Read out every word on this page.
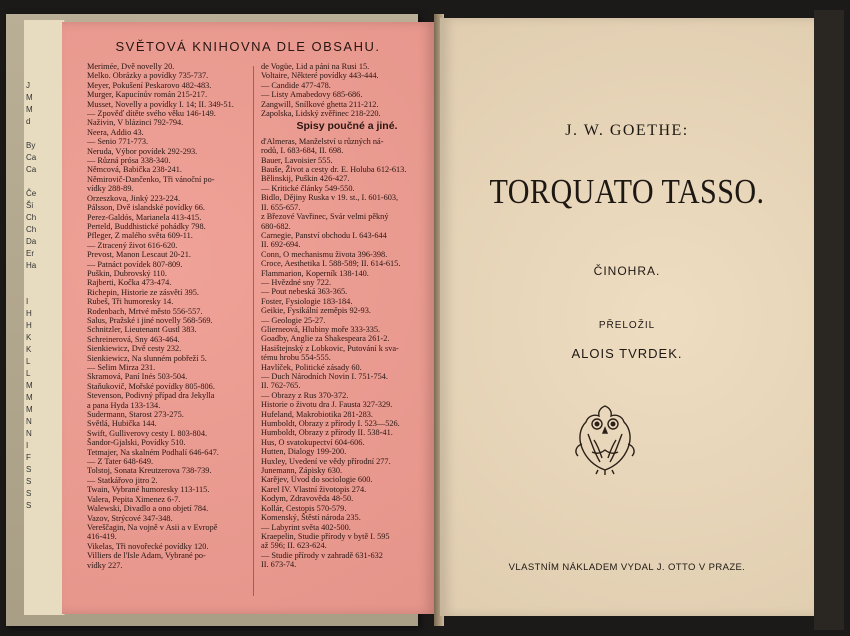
J
M
M
d

By
Ca
Ca

Če
Ši
Ch
Ch
Da
Er
Ha

I
H
H
K
K
L
L
M
M
M
N
N
I
F
S
S
S
S
SVĚTOVÁ KNIHOVNA DLE OBSAHU.
Merimée, Dvě novelly 20.
Melko. Obrázky a povídky 735-737.
Meyer, Pokušení Peskarovo 482-483.
Murger, Kapucínův román 215-217.
Musset, Novelly a povídky I. 14; II. 349-51.
— Zpověď dítěte svého věku 146-149.
Naživin, V blázinci 792-794.
Neera, Addio 43.
— Senio 771-773.
Neruda, Výbor povídek 292-293.
— Různá prósa 338-340.
Němcová, Babička 238-241.
Němirovič-Dančenko, Tři vánoční po-
vídky 288-89.
Orzeszkova, Jinký 223-224.
Pálsson, Dvě islandské povídky 66.
Perez-Galdós, Marianela 413-415.
Perteld, Buddhistické pohádky 798.
Pfleger, Z malého světa 609-11.
— Ztracený život 616-620.
Prevost, Manon Lescaut 20-21.
— Patnáct povídek 807-809.
Puškin, Dubrovský 110.
Rajberti, Kočka 473-474.
Richepin, Historie ze zásvětí 395.
Rubeš, Tři humoresky 14.
Rodenbach, Mrtvé město 556-557.
Salus, Pražské i jiné novelly 568-569.
Schnitzler, Lieutenant Gustl 383.
Schreinerová, Sny 463-464.
Sienkiewicz, Dvě cesty 232.
Sienkiewicz, Na slunném pobřeží 5.
— Selim Mirza 231.
Skramová, Paní Inés 503-504.
Staňukovič, Mořské povídky 805-806.
Stevenson, Podivný případ dra Jekylla
a pana Hyda 133-134.
Sudermann, Starost 273-275.
Světlá, Hubička 144.
Swift, Gulliverovy cesty I. 803-804.
Šandor-Gjalski, Povídky 510.
Tetmajer, Na skalném Podhalí 646-647.
— Z Tater 648-649.
Tolstoj, Sonata Kreutzerova 738-739.
— Statkářovo jitro 2.
Twain, Vybrané humoresky 113-115.
Valera, Pepita Ximenez 6-7.
Walewski, Divadlo a ono objetí 784.
Vazov, Strýcové 347-348.
Vereščagin, Na vojně v Asii a v Evropě
416-419.
Vikelas, Tři novořecké povídky 120.
Villiers de l'Isle Adam, Vybrané po-
vídky 227.
de Vogüe, Lid a páni na Rusi 15.
Voltaire, Některé povídky 443-444.
— Candide 477-478.
— Listy Amabedovy 685-686.
Zangwill, Snílkové ghetta 211-212.
Zapolska, Lidský zvěřinec 218-220.
Spisy poučné a jiné.
d'Almeras, Manželství u různých ná-
rodů, I. 683-684, II. 698.
Bauer, Lavoisier 555.
Bauše, Život a cesty dr. E. Holuba 612-613.
Bělinskij, Puškin 426-427.
— Kritické články 549-550.
Bidlo, Dějiny Ruska v 19. st., I. 601-603,
II. 655-657.
z Březové Vavřinec, Svár velmi pěkný
680-682.
Carnegie, Panství obchodu I. 643-644
II. 692-694.
Conn, O mechanismu života 396-398.
Croce, Aesthetika I. 588-589; II. 614-615.
Flammarion, Koperník 138-140.
— Hvězdné sny 722.
— Pout nebeská 363-365.
Foster, Fysiologie 183-184.
Geikie, Fysikální zeměpis 92-93.
— Geologie 25-27.
Glierneová, Hlubiny moře 333-335.
Goadby, Anglie za Shakespeara 261-2.
Hasištejnský z Lobkovic, Putování k sva-
tému hrobu 554-555.
Havlíček, Politické zásady 60.
— Duch Národních Novin I. 751-754.
II. 762-765.
— Obrazy z Rus 370-372.
Historie o životu dra J. Fausta 327-329.
Hufeland, Makrobiotika 281-283.
Humboldt, Obrazy z přírody I. 523—526.
Humboldt, Obrazy z přírody II. 538-41.
Hus, O svatokupectví 604-606.
Hutten, Dialogy 199-200.
Huxley, Uvedení ve vědy přírodní 277.
Junemann, Zápisky 630.
Karějev, Úvod do sociologie 600.
Karel IV. Vlastní životopis 274.
Kodym, Zdravověda 48-50.
Kollár, Cestopis 570-579.
Komenský, Štěstí národa 235.
— Labyrint světa 402-500.
Kraepelin, Studie přírody v bytě I. 595
až 596; II. 623-624.
— Studie přírody v zahradě 631-632
II. 673-74.
J. W. GOETHE:
TORQUATO TASSO.
ČINOHRA.
PŘELOŽIL
ALOIS TVRDEK.
VLASTNÍM NÁKLADEM VYDAL J. OTTO V PRAZE.
